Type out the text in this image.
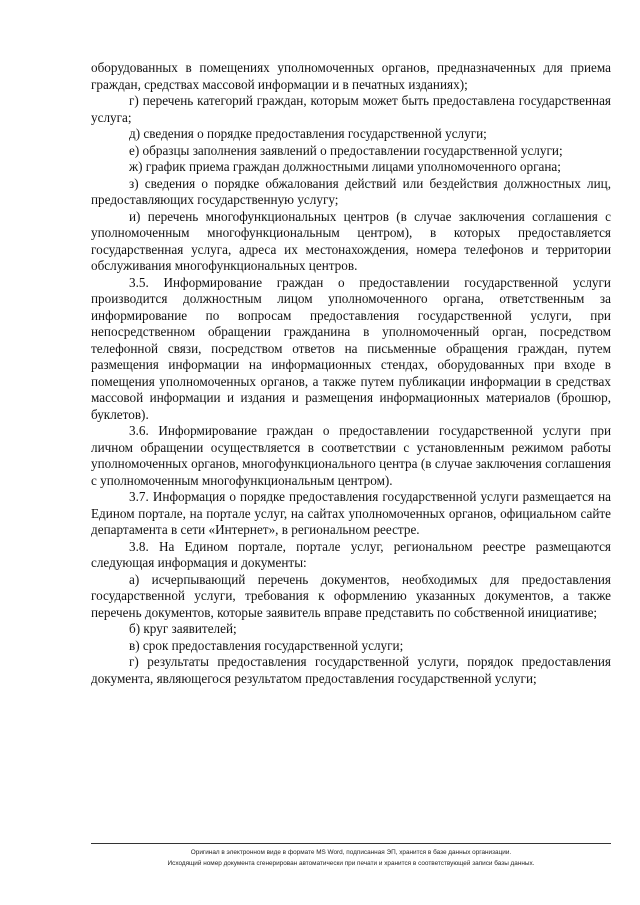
оборудованных в помещениях уполномоченных органов, предназначенных для приема граждан, средствах массовой информации и в печатных изданиях);

г) перечень категорий граждан, которым может быть предоставлена государственная услуга;

д) сведения о порядке предоставления государственной услуги;

е) образцы заполнения заявлений о предоставлении государственной услуги;

ж) график приема граждан должностными лицами уполномоченного органа;

з) сведения о порядке обжалования действий или бездействия должностных лиц, предоставляющих государственную услугу;

и) перечень многофункциональных центров (в случае заключения соглашения с уполномоченным многофункциональным центром), в которых предоставляется государственная услуга, адреса их местонахождения, номера телефонов и территории обслуживания многофункциональных центров.

3.5. Информирование граждан о предоставлении государственной услуги производится должностным лицом уполномоченного органа, ответственным за информирование по вопросам предоставления государственной услуги, при непосредственном обращении гражданина в уполномоченный орган, посредством телефонной связи, посредством ответов на письменные обращения граждан, путем размещения информации на информационных стендах, оборудованных при входе в помещения уполномоченных органов, а также путем публикации информации в средствах массовой информации и издания и размещения информационных материалов (брошюр, буклетов).

3.6. Информирование граждан о предоставлении государственной услуги при личном обращении осуществляется в соответствии с установленным режимом работы уполномоченных органов, многофункционального центра (в случае заключения соглашения с уполномоченным многофункциональным центром).

3.7. Информация о порядке предоставления государственной услуги размещается на Едином портале, на портале услуг, на сайтах уполномоченных органов, официальном сайте департамента в сети «Интернет», в региональном реестре.

3.8. На Едином портале, портале услуг, региональном реестре размещаются следующая информация и документы:

а) исчерпывающий перечень документов, необходимых для предоставления государственной услуги, требования к оформлению указанных документов, а также перечень документов, которые заявитель вправе представить по собственной инициативе;

б) круг заявителей;

в) срок предоставления государственной услуги;

г) результаты предоставления государственной услуги, порядок предоставления документа, являющегося результатом предоставления государственной услуги;

Оригинал в электронном виде в формате MS Word, подписанная ЭП, хранится в базе данных организации.
Исходящий номер документа сгенерирован автоматически при печати и хранится в соответствующей записи базы данных.
